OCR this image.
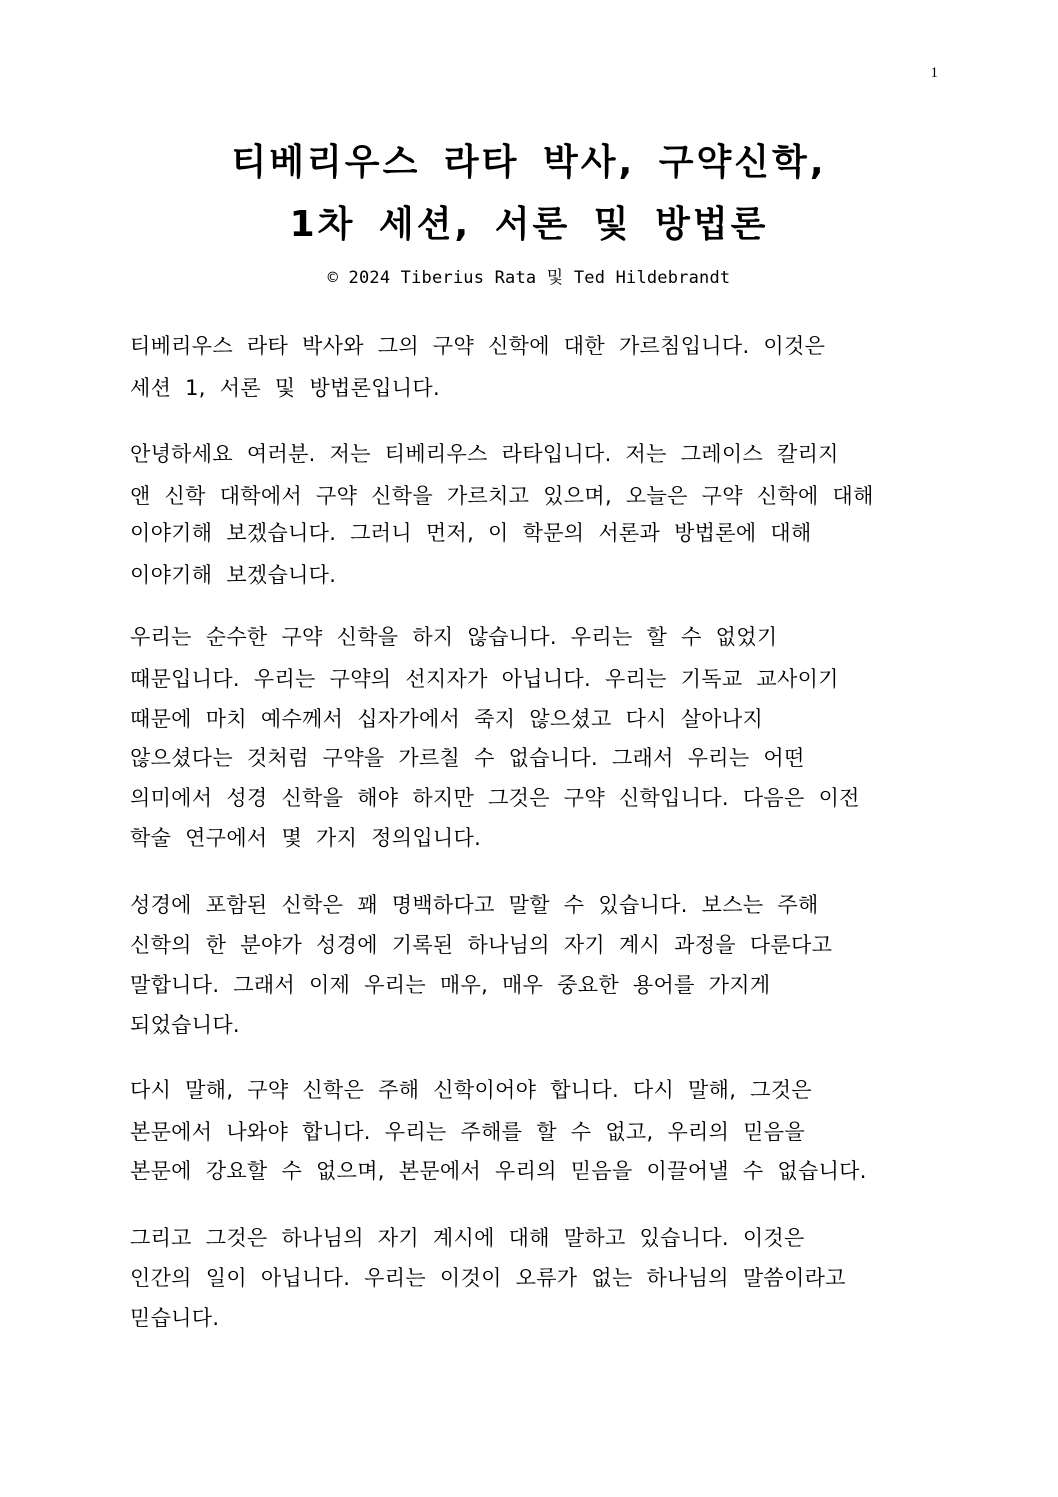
1
티베리우스 라타 박사, 구약신학,
1차 세션, 서론 및 방법론
© 2024 Tiberius Rata 및 Ted Hildebrandt
티베리우스 라타 박사와 그의 구약 신학에 대한 가르침입니다. 이것은
세션 1, 서론 및 방법론입니다.
안녕하세요 여러분. 저는 티베리우스 라타입니다. 저는 그레이스 칼리지
앤 신학 대학에서 구약 신학을 가르치고 있으며, 오늘은 구약 신학에 대해
이야기해 보겠습니다. 그러니 먼저, 이 학문의 서론과 방법론에 대해
이야기해 보겠습니다.
우리는 순수한 구약 신학을 하지 않습니다. 우리는 할 수 없었기
때문입니다. 우리는 구약의 선지자가 아닙니다. 우리는 기독교 교사이기
때문에 마치 예수께서 십자가에서 죽지 않으셨고 다시 살아나지
않으셨다는 것처럼 구약을 가르칠 수 없습니다. 그래서 우리는 어떤
의미에서 성경 신학을 해야 하지만 그것은 구약 신학입니다. 다음은 이전
학술 연구에서 몇 가지 정의입니다.
성경에 포함된 신학은 꽤 명백하다고 말할 수 있습니다. 보스는 주해
신학의 한 분야가 성경에 기록된 하나님의 자기 계시 과정을 다룬다고
말합니다. 그래서 이제 우리는 매우, 매우 중요한 용어를 가지게
되었습니다.
다시 말해, 구약 신학은 주해 신학이어야 합니다. 다시 말해, 그것은
본문에서 나와야 합니다. 우리는 주해를 할 수 없고, 우리의 믿음을
본문에 강요할 수 없으며, 본문에서 우리의 믿음을 이끌어낼 수 없습니다.
그리고 그것은 하나님의 자기 계시에 대해 말하고 있습니다. 이것은
인간의 일이 아닙니다. 우리는 이것이 오류가 없는 하나님의 말씀이라고
믿습니다.
